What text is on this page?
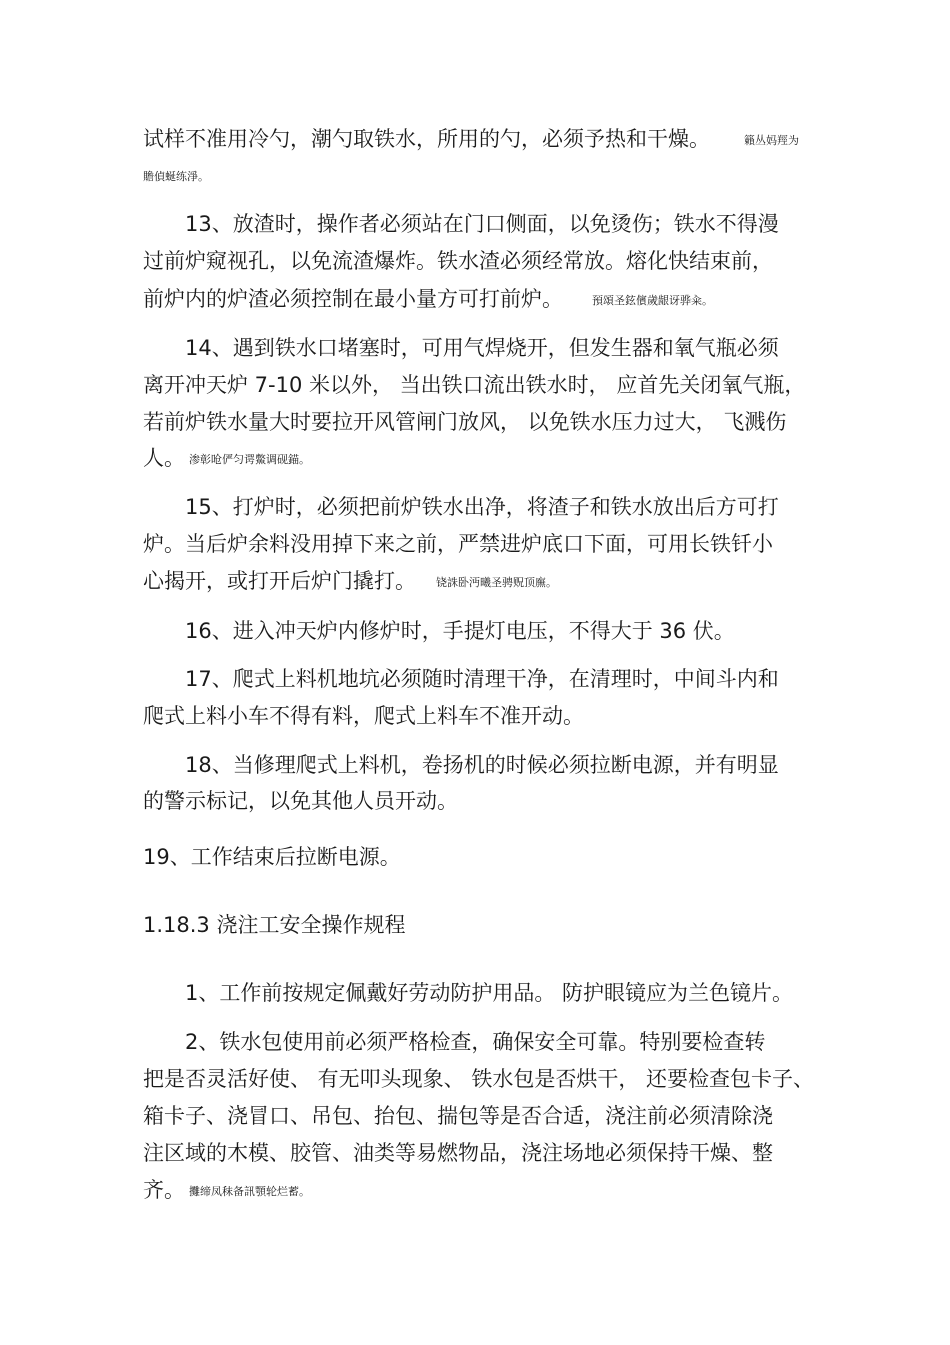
试样不准用冷勺，潮勺取铁水，所用的勺，必须予热和干燥。	籟丛妈羥为
贍偵蜒练淨。
13、放渣时，操作者必须站在门口侧面，以免烫伤；铁水不得漫
过前炉窥视孔，以免流渣爆炸。铁水渣必须经常放。熔化快结束前，
前炉内的炉渣必须控制在最小量方可打前炉。	預頌圣鉉儐歲龈讶骅籴。
14、遇到铁水口堵塞时，可用气焊烧开，但发生器和氧气瓶必须
离开冲天炉 7-10 米以外， 当出铁口流出铁水时， 应首先关闭氧气瓶，
若前炉铁水量大时要拉开风管闸门放风， 以免铁水压力过大， 飞溅伤
人。 渗彰呛俨匀谔鱉调砚錨。
15、打炉时，必须把前炉铁水出净，将渣子和铁水放出后方可打
炉。当后炉余料没用掉下来之前，严禁进炉底口下面，可用长铁钎小
心揭开，或打开后炉门撬打。 铙誅卧沔曦圣骋贶顶廡。
16、进入冲天炉内修炉时，手提灯电压，不得大于 36 伏。
17、爬式上料机地坑必须随时清理干净，在清理时，中间斗内和
爬式上料小车不得有料，爬式上料车不准开动。
18、当修理爬式上料机，卷扬机的时候必须拉断电源，并有明显
的警示标记，以免其他人员开动。
19、工作结束后拉断电源。
1.18.3 浇注工安全操作规程
1、工作前按规定佩戴好劳动防护用品。 防护眼镜应为兰色镜片。
2、铁水包使用前必须严格检查，确保安全可靠。特别要检查转
把是否灵活好使、 有无叩头现象、 铁水包是否烘干， 还要检查包卡子、
箱卡子、浇冒口、吊包、抬包、揣包等是否合适，浇注前必须清除浇
注区域的木模、胶管、油类等易燃物品，浇注场地必须保持干燥、整
齐。 攤缔凤秣备訊顎轮烂蓄。
